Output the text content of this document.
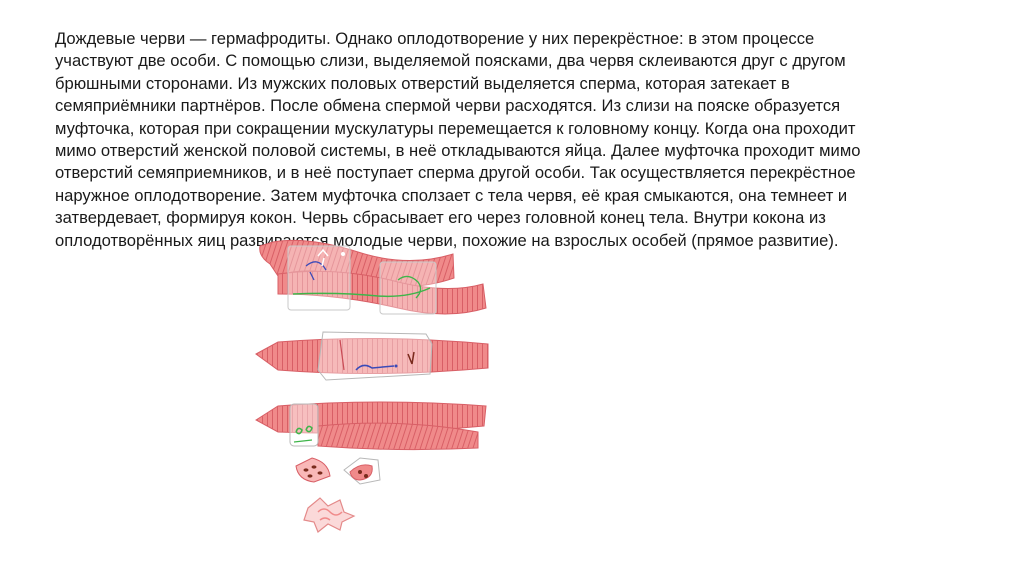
Дождевые черви — гермафродиты. Однако оплодотворение у них перекрёстное: в этом процессе
участвуют две особи. С помощью слизи, выделяемой поясками, два червя склеиваются друг с другом
брюшными сторонами. Из мужских половых отверстий выделяется сперма, которая затекает в
семяприёмники партнёров. После обмена спермой черви расходятся. Из слизи на пояске образуется
муфточка, которая при сокращении мускулатуры перемещается к головному концу. Когда она проходит
мимо отверстий женской половой системы, в неё откладываются яйца. Далее муфточка проходит мимо
отверстий семяприемников, и в неё поступает сперма другой особи. Так осуществляется перекрёстное
наружное оплодотворение. Затем муфточка сползает с тела червя, её края смыкаются, она темнеет и
затвердевает, формируя кокон. Червь сбрасывает его через головной конец тела. Внутри кокона из
оплодотворённых яиц развиваются молодые черви, похожие на взрослых особей (прямое развитие).
